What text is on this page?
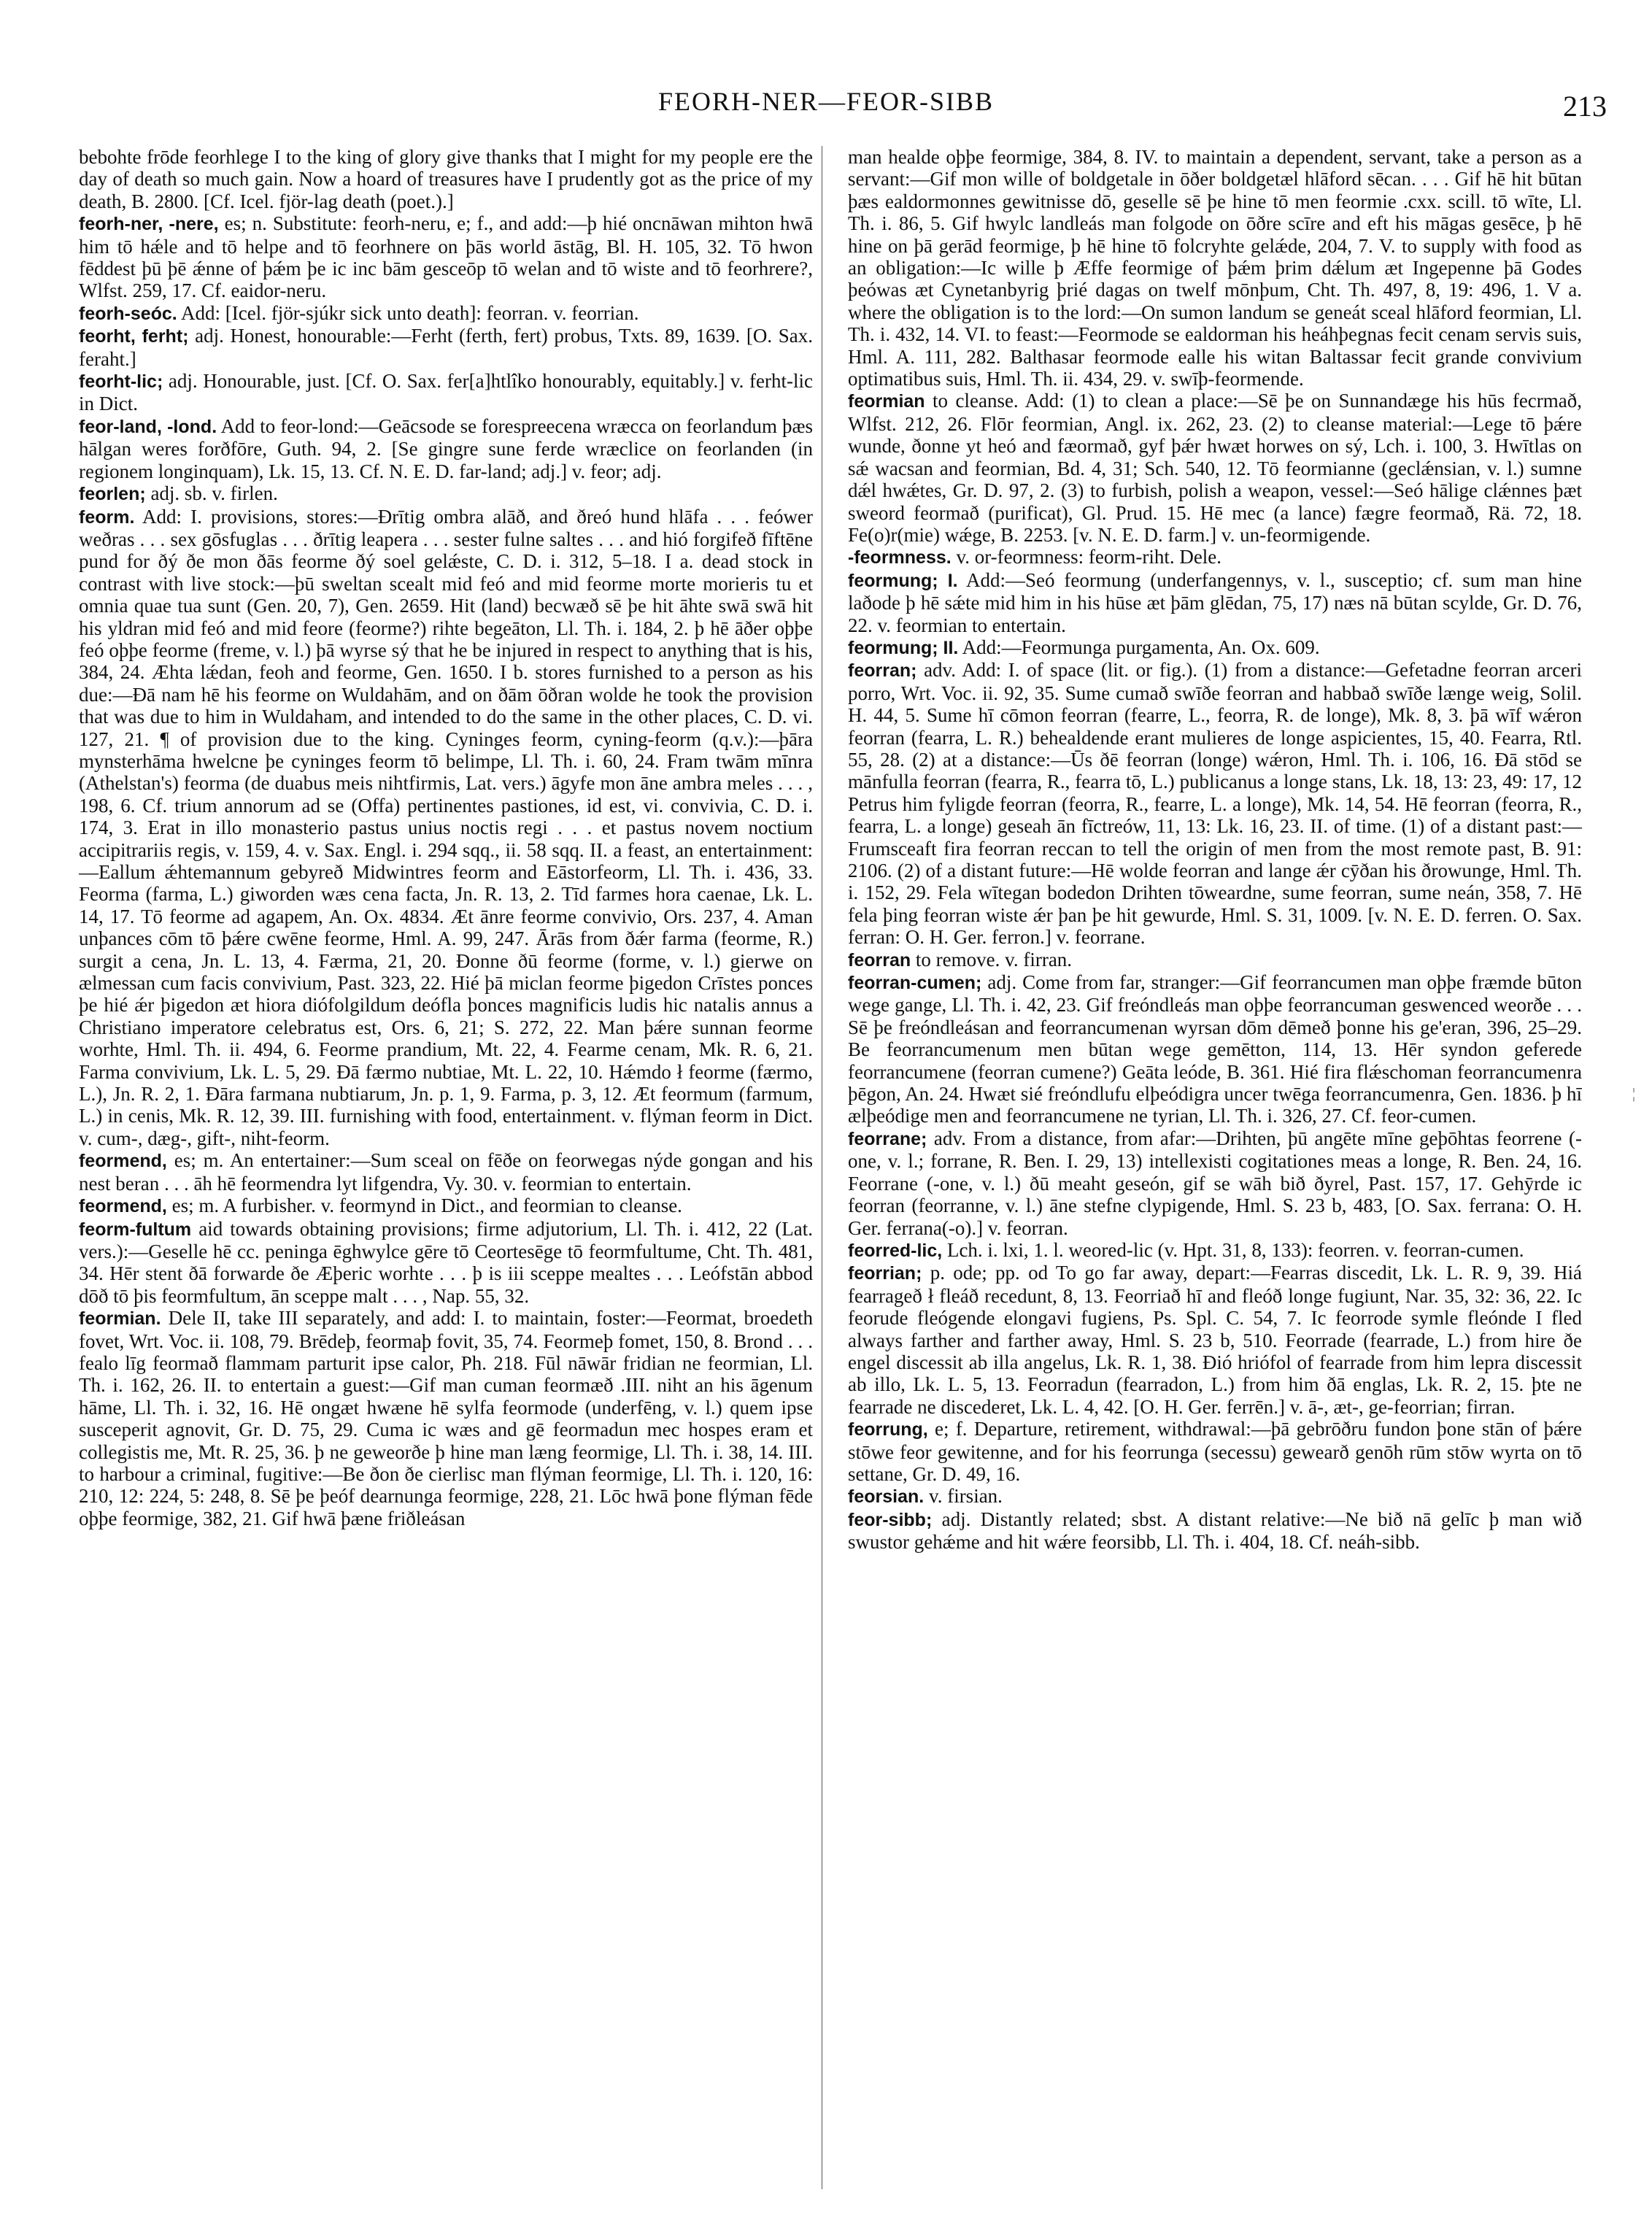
FEORH-NER—FEOR-SIBB	213
¦

bebohte frōde feorhlege I to the king of glory give thanks that I might for my people ere the day of death so much gain. Now a hoard of treasures have I prudently got as the price of my death, B. 2800. [Cf. Icel. fjör-lag death (poet.).]

feorh-ner, -nere, es; n. Substitute: feorh-neru, e; f., and add:—þ hié oncnāwan mihton hwā him tō hǽle and tō helpe and tō feorhnere on þās world āstāg, Bl. H. 105, 32. Tō hwon fēddest þū þē ǽnne of þǽm þe ic inc bām gesceōp tō welan and tō wiste and tō feorhrere?, Wlfst. 259, 17. Cf. eaidor-neru.

feorh-seóc. Add: [Icel. fjör-sjúkr sick unto death]: feorran. v. feorrian.

feorht, ferht; adj. Honest, honourable:—Ferht (ferth, fert) probus, Txts. 89, 1639. [O. Sax. feraht.]

feorht-lic; adj. Honourable, just. [Cf. O. Sax. fer[a]htlîko honourably, equitably.] v. ferht-lic in Dict.

feor-land, -lond. Add to feor-lond:—Geācsode se forespreecena wræcca on feorlandum þæs hālgan weres forðfōre, Guth. 94, 2. [Se gingre sune ferde wræclice on feorlanden (in regionem longinquam), Lk. 15, 13. Cf. N. E. D. far-land; adj.] v. feor; adj.

feorlen; adj. sb. v. firlen.

feorm. Add: I. provisions, stores:—Ðrītig ombra alāð, and ðreó hund hlāfa . . . feówer weðras . . . sex gōsfuglas . . . ðrītig leapera . . . sester fulne saltes . . . and hió forgifeð fīftēne pund for ðý ðe mon ðās feorme ðý soel gelǽste, C. D. i. 312, 5–18. I a. dead stock in contrast with live stock:—þū sweltan scealt mid feó and mid feorme morte morieris tu et omnia quae tua sunt (Gen. 20, 7), Gen. 2659. Hit (land) becwæð sē þe hit āhte swā swā hit his yldran mid feó and mid feore (feorme?) rihte begeāton, Ll. Th. i. 184, 2. þ hē āðer oþþe feó oþþe feorme (freme, v. l.) þā wyrse sý that he be injured in respect to anything that is his, 384, 24. Æhta lǽdan, feoh and feorme, Gen. 1650. I b. stores furnished to a person as his due:—Ðā nam hē his feorme on Wuldahām, and on ðām ōðran wolde he took the provision that was due to him in Wuldaham, and intended to do the same in the other places, C. D. vi. 127, 21. ¶ of provision due to the king. Cyninges feorm, cyning-feorm (q.v.):—þāra mynsterhāma hwelcne þe cyninges feorm tō belimpe, Ll. Th. i. 60, 24. Fram twām mīnra (Athelstan's) feorma (de duabus meis nihtfirmis, Lat. vers.) āgyfe mon āne ambra meles . . . , 198, 6. Cf. trium annorum ad se (Offa) pertinentes pastiones, id est, vi. convivia, C. D. i. 174, 3. Erat in illo monasterio pastus unius noctis regi . . . et pastus novem noctium accipitrariis regis, v. 159, 4. v. Sax. Engl. i. 294 sqq., ii. 58 sqq. II. a feast, an entertainment:—Eallum ǽhtemannum gebyreð Midwintres feorm and Eāstorfeorm, Ll. Th. i. 436, 33. Feorma (farma, L.) giworden wæs cena facta, Jn. R. 13, 2. Tīd farmes hora caenae, Lk. L. 14, 17. Tō feorme ad agapem, An. Ox. 4834. Æt ānre feorme convivio, Ors. 237, 4. Aman unþances cōm tō þǽre cwēne feorme, Hml. A. 99, 247. Ārās from ðǽr farma (feorme, R.) surgit a cena, Jn. L. 13, 4. Færma, 21, 20. Ðonne ðū feorme (forme, v. l.) gierwe on ælmessan cum facis convivium, Past. 323, 22. Hié þā miclan feorme þigedon Crīstes ponces þe hié ǽr þigedon æt hiora diófolgildum deófla þonces magnificis ludis hic natalis annus a Christiano imperatore celebratus est, Ors. 6, 21; S. 272, 22. Man þǽre sunnan feorme worhte, Hml. Th. ii. 494, 6. Feorme prandium, Mt. 22, 4. Fearme cenam, Mk. R. 6, 21. Farma convivium, Lk. L. 5, 29. Ðā færmo nubtiae, Mt. L. 22, 10. Hǽmdo ł feorme (færmo, L.), Jn. R. 2, 1. Ðāra farmana nubtiarum, Jn. p. 1, 9. Farma, p. 3, 12. Æt feormum (farmum, L.) in cenis, Mk. R. 12, 39. III. furnishing with food, entertainment. v. flýman feorm in Dict. v. cum-, dæg-, gift-, niht-feorm.

feormend, es; m. An entertainer:—Sum sceal on fēðe on feorwegas nýde gongan and his nest beran . . . āh hē feormendra lyt lifgendra, Vy. 30. v. feormian to entertain.

feormend, es; m. A furbisher. v. feormynd in Dict., and feormian to cleanse.

feorm-fultum aid towards obtaining provisions; firme adjutorium, Ll. Th. i. 412, 22 (Lat. vers.):—Geselle hē cc. peninga ēghwylce gēre tō Ceortesēge tō feormfultume, Cht. Th. 481, 34. Hēr stent ðā forwarde ðe Æþeric worhte . . . þ is iii sceppe mealtes . . . Leófstān abbod dōð tō þis feormfultum, ān sceppe malt . . . , Nap. 55, 32.

feormian. Dele II, take III separately, and add: I. to maintain, foster:—Feormat, broedeth fovet, Wrt. Voc. ii. 108, 79. Brēdeþ, feormaþ fovit, 35, 74. Feormeþ fomet, 150, 8. Brond . . . fealo līg feormað flammam parturit ipse calor, Ph. 218. Fūl nāwār fridian ne feormian, Ll. Th. i. 162, 26. II. to entertain a guest:—Gif man cuman feormæð .III. niht an his āgenum hāme, Ll. Th. i. 32, 16. Hē ongæt hwæne hē sylfa feormode (underfēng, v. l.) quem ipse susceperit agnovit, Gr. D. 75, 29. Cuma ic wæs and gē feormadun mec hospes eram et collegistis me, Mt. R. 25, 36. þ ne geweorðe þ hine man læng feormige, Ll. Th. i. 38, 14. III. to harbour a criminal, fugitive:—Be ðon ðe cierlisc man flýman feormige, Ll. Th. i. 120, 16: 210, 12: 224, 5: 248, 8. Sē þe þeóf dearnunga feormige, 228, 21. Lōc hwā þone flýman fēde oþþe feormige, 382, 21. Gif hwā þæne friðleásan

man healde oþþe feormige, 384, 8. IV. to maintain a dependent, servant, take a person as a servant:—Gif mon wille of boldgetale in ōðer boldgetæl hlāford sēcan. . . . Gif hē hit būtan þæs ealdormonnes gewitnisse dō, geselle sē þe hine tō men feormie .cxx. scill. tō wīte, Ll. Th. i. 86, 5. Gif hwylc landleás man folgode on ōðre scīre and eft his māgas gesēce, þ hē hine on þā gerād feormige, þ hē hine tō folcryhte gelǽde, 204, 7. V. to supply with food as an obligation:—Ic wille þ Æffe feormige of þǽm þrim dǽlum æt Ingepenne þā Godes þeówas æt Cynetanbyrig þrié dagas on twelf mōnþum, Cht. Th. 497, 8, 19: 496, 1. V a. where the obligation is to the lord:—On sumon landum se geneát sceal hlāford feormian, Ll. Th. i. 432, 14. VI. to feast:—Feormode se ealdorman his heáhþegnas fecit cenam servis suis, Hml. A. 111, 282. Balthasar feormode ealle his witan Baltassar fecit grande convivium optimatibus suis, Hml. Th. ii. 434, 29. v. swīþ-feormende.

feormian to cleanse. Add: (1) to clean a place:—Sē þe on Sunnandæge his hūs fecrmað, Wlfst. 212, 26. Flōr feormian, Angl. ix. 262, 23. (2) to cleanse material:—Lege tō þǽre wunde, ðonne yt heó and fæormað, gyf þǽr hwæt horwes on sý, Lch. i. 100, 3. Hwītlas on sǽ wacsan and feormian, Bd. 4, 31; Sch. 540, 12. Tō feormianne (geclǽnsian, v. l.) sumne dǽl hwǽtes, Gr. D. 97, 2. (3) to furbish, polish a weapon, vessel:—Seó hālige clǽnnes þæt sweord feormað (purificat), Gl. Prud. 15. Hē mec (a lance) fægre feormað, Rä. 72, 18. Fe(o)r(mie) wǽge, B. 2253. [v. N. E. D. farm.] v. un-feormigende.

-feormness. v. or-feormness: feorm-riht. Dele.

feormung; I. Add:—Seó feormung (underfangennys, v. l., susceptio; cf. sum man hine laðode þ hē sǽte mid him in his hūse æt þām glēdan, 75, 17) næs nā būtan scylde, Gr. D. 76, 22. v. feormian to entertain.

feormung; II. Add:—Feormunga purgamenta, An. Ox. 609.

feorran; adv. Add: I. of space (lit. or fig.). (1) from a distance:—Gefetadne feorran arceri porro, Wrt. Voc. ii. 92, 35. Sume cumað swīðe feorran and habbað swīðe længe weig, Solil. H. 44, 5. Sume hī cōmon feorran (fearre, L., feorra, R. de longe), Mk. 8, 3. þā wīf wǽron feorran (fearra, L. R.) behealdende erant mulieres de longe aspicientes, 15, 40. Fearra, Rtl. 55, 28. (2) at a distance:—Ūs ðē feorran (longe) wǽron, Hml. Th. i. 106, 16. Ðā stōd se mānfulla feorran (fearra, R., fearra tō, L.) publicanus a longe stans, Lk. 18, 13: 23, 49: 17, 12 Petrus him fyligde feorran (feorra, R., fearre, L. a longe), Mk. 14, 54. Hē feorran (feorra, R., fearra, L. a longe) geseah ān fīctreów, 11, 13: Lk. 16, 23. II. of time. (1) of a distant past:—Frumsceaft fira feorran reccan to tell the origin of men from the most remote past, B. 91: 2106. (2) of a distant future:—Hē wolde feorran and lange ǽr cȳðan his ðrowunge, Hml. Th. i. 152, 29. Fela wītegan bodedon Drihten tōweardne, sume feorran, sume neán, 358, 7. Hē fela þing feorran wiste ǽr þan þe hit gewurde, Hml. S. 31, 1009. [v. N. E. D. ferren. O. Sax. ferran: O. H. Ger. ferron.] v. feorrane.

feorran to remove. v. firran.

feorran-cumen; adj. Come from far, stranger:—Gif feorrancumen man oþþe fræmde būton wege gange, Ll. Th. i. 42, 23. Gif freóndleás man oþþe feorrancuman geswenced weorðe . . . Sē þe freóndleásan and feorrancumenan wyrsan dōm dēmeð þonne his ge'eran, 396, 25–29. Be feorrancumenum men būtan wege gemētton, 114, 13. Hēr syndon geferede feorrancumene (feorran cumene?) Geāta leóde, B. 361. Hié fira flǽschoman feorrancumenra þēgon, An. 24. Hwæt sié freóndlufu elþeódigra uncer twēga feorrancumenra, Gen. 1836. þ hī ælþeódige men and feorrancumene ne tyrian, Ll. Th. i. 326, 27. Cf. feor-cumen.

feorrane; adv. From a distance, from afar:—Drihten, þū angēte mīne geþōhtas feorrene (-one, v. l.; forrane, R. Ben. I. 29, 13) intellexisti cogitationes meas a longe, R. Ben. 24, 16. Feorrane (-one, v. l.) ðū meaht geseón, gif se wāh bið ðyrel, Past. 157, 17. Gehȳrde ic feorran (feorranne, v. l.) āne stefne clypigende, Hml. S. 23 b, 483, [O. Sax. ferrana: O. H. Ger. ferrana(-o).] v. feorran.

feorred-lic, Lch. i. lxi, 1. l. weored-lic (v. Hpt. 31, 8, 133): feorren. v. feorran-cumen.

feorrian; p. ode; pp. od To go far away, depart:—Fearras discedit, Lk. L. R. 9, 39. Hiá fearrageð ł fleáð recedunt, 8, 13. Feorriað hī and fleóð longe fugiunt, Nar. 35, 32: 36, 22. Ic feorude fleógende elongavi fugiens, Ps. Spl. C. 54, 7. Ic feorrode symle fleónde I fled always farther and farther away, Hml. S. 23 b, 510. Feorrade (fearrade, L.) from hire ðe engel discessit ab illa angelus, Lk. R. 1, 38. Ðió hriófol of fearrade from him lepra discessit ab illo, Lk. L. 5, 13. Feorradun (fearradon, L.) from him ðā englas, Lk. R. 2, 15. þte ne fearrade ne discederet, Lk. L. 4, 42. [O. H. Ger. ferrēn.] v. ā-, æt-, ge-feorrian; firran.

feorrung, e; f. Departure, retirement, withdrawal:—þā gebrōðru fundon þone stān of þǽre stōwe feor gewitenne, and for his feorrunga (secessu) gewearð genōh rūm stōw wyrta on tō settane, Gr. D. 49, 16.

feorsian. v. firsian.

feor-sibb; adj. Distantly related; sbst. A distant relative:—Ne bið nā gelīc þ man wið swustor gehǽme and hit wǽre feorsibb, Ll. Th. i. 404, 18. Cf. neáh-sibb.
